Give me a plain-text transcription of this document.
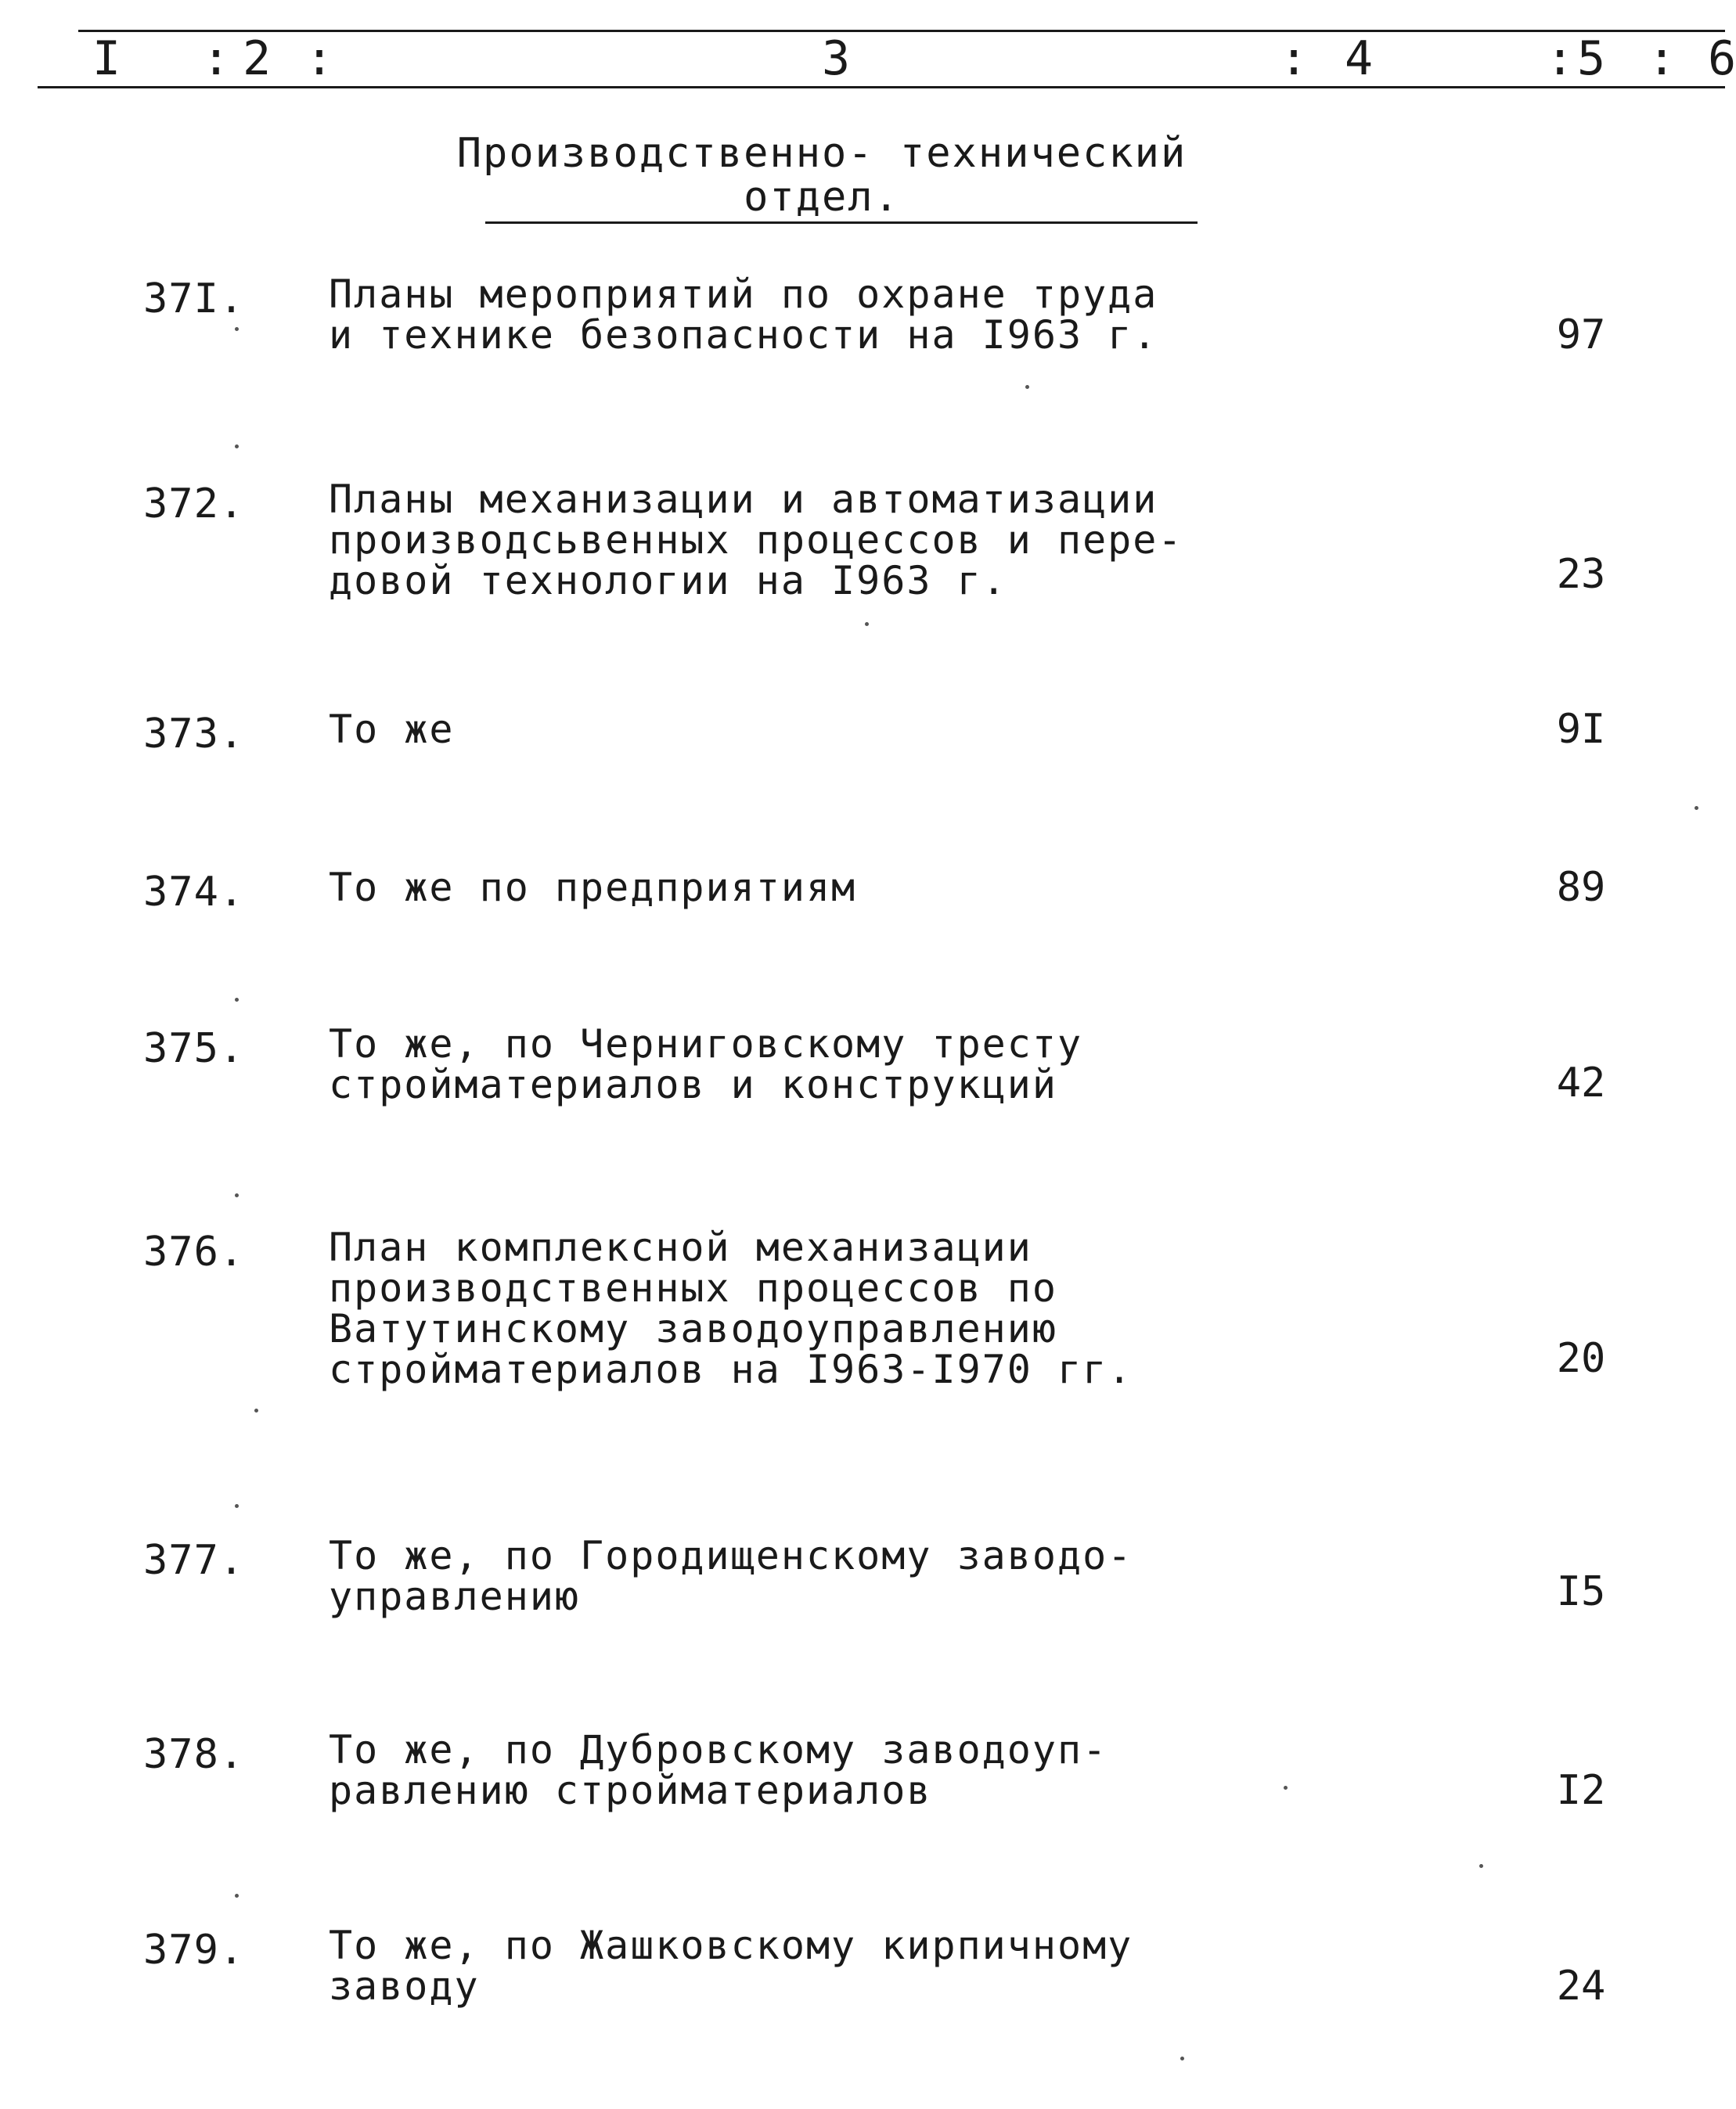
I : 2 :	3	: 4	: 5 : 6
Производственно- технический отдел.
37I. Планы мероприятий по охране труда
и технике безопасности на I963 г.	97
372. Планы механизации и автоматизации
производсьвенных процессов и пере-
довой технологии на I963 г.	23
373. То же	9I
374. То же по предприятиям	89
375. То же, по Черниговскому тресту
стройматериалов и конструкций	42
376. План комплексной механизации
производственных процессов по
Ватутинскому заводоуправлению
стройматериалов на I963-I970 гг.	20
377. То же, по Городищенскому заводо-
управлению	I5
378. То же, по Дубровскому заводоуп-
равлению стройматериалов	I2
379. То же, по Жашковскому кирпичному
заводу	24
